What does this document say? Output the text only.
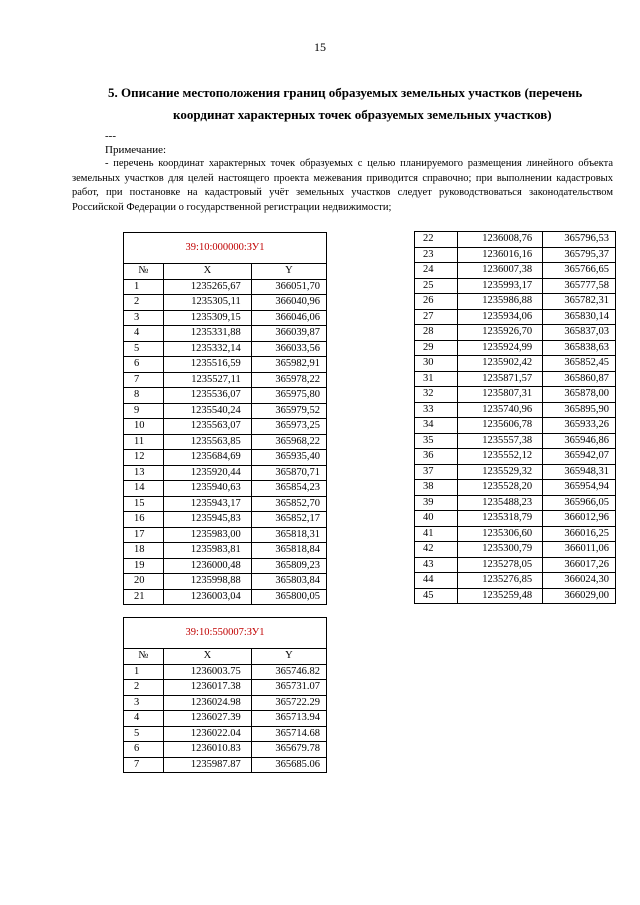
15
5. Описание местоположения границ образуемых земельных участков (перечень
координат характерных точек образуемых земельных участков)
---
Примечание:
- перечень координат характерных точек образуемых с целью планируемого размещения линейного объекта земельных участков для целей настоящего проекта межевания приводится справочно; при выполнении кадастровых работ, при постановке на кадастровый учёт земельных участков следует руководствоваться законодательством Российской Федерации о государственной регистрации недвижимости;
39:10:000000:ЗУ1		
№	X	Y
1	1235265,67	366051,70
2	1235305,11	366040,96
3	1235309,15	366046,06
4	1235331,88	366039,87
5	1235332,14	366033,56
6	1235516,59	365982,91
7	1235527,11	365978,22
8	1235536,07	365975,80
9	1235540,24	365979,52
10	1235563,07	365973,25
11	1235563,85	365968,22
12	1235684,69	365935,40
13	1235920,44	365870,71
14	1235940,63	365854,23
15	1235943,17	365852,70
16	1235945,83	365852,17
17	1235983,00	365818,31
18	1235983,81	365818,84
19	1236000,48	365809,23
20	1235998,88	365803,84
21	1236003,04	365800,05
22	1236008,76	365796,53
23	1236016,16	365795,37
24	1236007,38	365766,65
25	1235993,17	365777,58
26	1235986,88	365782,31
27	1235934,06	365830,14
28	1235926,70	365837,03
29	1235924,99	365838,63
30	1235902,42	365852,45
31	1235871,57	365860,87
32	1235807,31	365878,00
33	1235740,96	365895,90
34	1235606,78	365933,26
35	1235557,38	365946,86
36	1235552,12	365942,07
37	1235529,32	365948,31
38	1235528,20	365954,94
39	1235488,23	365966,05
40	1235318,79	366012,96
41	1235306,60	366016,25
42	1235300,79	366011,06
43	1235278,05	366017,26
44	1235276,85	366024,30
45	1235259,48	366029,00
39:10:550007:ЗУ1		
№	X	Y
1	1236003.75	365746.82
2	1236017.38	365731.07
3	1236024.98	365722.29
4	1236027.39	365713.94
5	1236022.04	365714.68
6	1236010.83	365679.78
7	1235987.87	365685.06
